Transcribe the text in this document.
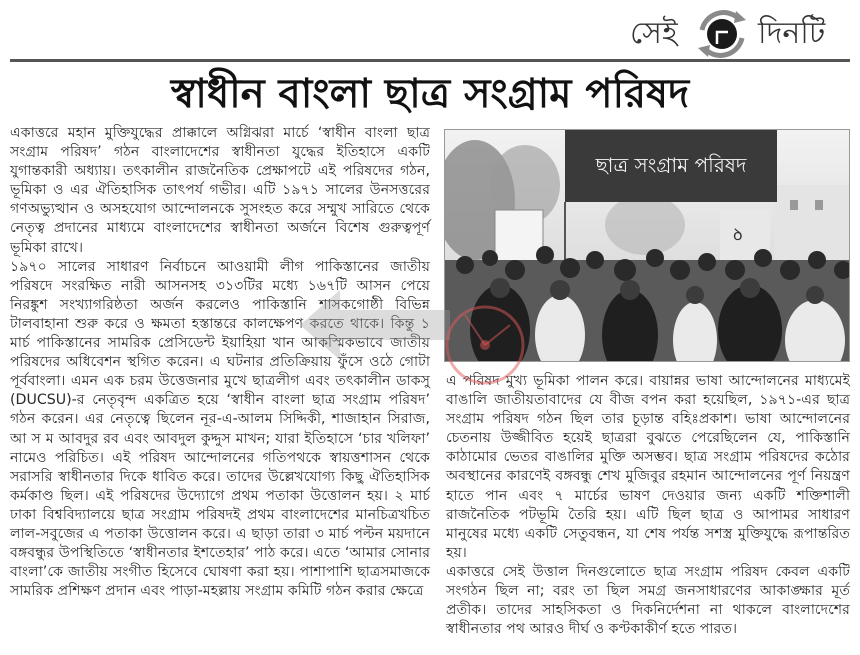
সেই	দিনটি
স্বাধীন বাংলা ছাত্র সংগ্রাম পরিষদ

একাত্তরে মহান মুক্তিযুদ্ধের প্রাক্কালে অগ্নিঝরা মার্চে ‘স্বাধীন বাংলা ছাত্র সংগ্রাম পরিষদ’ গঠন বাংলাদেশের স্বাধীনতা যুদ্ধের ইতিহাসে একটি যুগান্তকারী অধ্যায়। তৎকালীন রাজনৈতিক প্রেক্ষাপটে এই পরিষদের গঠন, ভূমিকা ও এর ঐতিহাসিক তাৎপর্য গভীর। এটি ১৯৭১ সালের উনসত্তরের গণঅভ্যুত্থান ও অসহযোগ আন্দোলনকে সুসংহত করে সম্মুখ সারিতে থেকে নেতৃত্ব প্রদানের মাধ্যমে বাংলাদেশের স্বাধীনতা অর্জনে বিশেষ গুরুত্বপূর্ণ ভূমিকা রাখে।

১৯৭০ সালের সাধারণ নির্বাচনে আওয়ামী লীগ পাকিস্তানের জাতীয় পরিষদে সংরক্ষিত নারী আসনসহ ৩১৩টির মধ্যে ১৬৭টি আসন পেয়ে নিরঙ্কুশ সংখ্যাগরিষ্ঠতা অর্জন করলেও পাকিস্তানি শাসকগোষ্ঠী বিভিন্ন টালবাহানা শুরু করে ও ক্ষমতা হস্তান্তরে কালক্ষেপণ করতে থাকে। কিন্তু ১ মার্চ পাকিস্তানের সামরিক প্রেসিডেন্ট ইয়াহিয়া খান আকস্মিকভাবে জাতীয় পরিষদের অধিবেশন স্থগিত করেন। এ ঘটনার প্রতিক্রিয়ায় ফুঁসে ওঠে গোটা পূর্ববাংলা। এমন এক চরম উত্তেজনার মুখে ছাত্রলীগ এবং তৎকালীন ডাকসু (DUCSU)-র নেতৃবৃন্দ একত্রিত হয়ে ‘স্বাধীন বাংলা ছাত্র সংগ্রাম পরিষদ’ গঠন করেন। এর নেতৃত্বে ছিলেন নূর-এ-আলম সিদ্দিকী, শাজাহান সিরাজ, আ স ম আবদুর রব এবং আবদুল কুদ্দুস মাখন; যারা ইতিহাসে ‘চার খলিফা’ নামেও পরিচিত। এই পরিষদ আন্দোলনের গতিপথকে স্বায়ত্তশাসন থেকে সরাসরি স্বাধীনতার দিকে ধাবিত করে। তাদের উল্লেখযোগ্য কিছু ঐতিহাসিক কর্মকাণ্ড ছিল। এই পরিষদের উদ্যোগে প্রথম পতাকা উত্তোলন হয়। ২ মার্চ ঢাকা বিশ্ববিদ্যালয়ে ছাত্র সংগ্রাম পরিষদই প্রথম বাংলাদেশের মানচিত্রখচিত লাল-সবুজের এ পতাকা উত্তোলন করে। এ ছাড়া তারা ৩ মার্চ পল্টন ময়দানে বঙ্গবন্ধুর উপস্থিতিতে ‘স্বাধীনতার ইশতেহার’ পাঠ করে। এতে ‘আমার সোনার বাংলা’কে জাতীয় সংগীত হিসেবে ঘোষণা করা হয়। পাশাপাশি ছাত্রসমাজকে সামরিক প্রশিক্ষণ প্রদান এবং পাড়া-মহল্লায় সংগ্রাম কমিটি গঠন করার ক্ষেত্রে

ছাত্র সংগ্রাম পরিষদ
ꝺ

এ পরিষদ মুখ্য ভূমিকা পালন করে। বায়ান্নর ভাষা আন্দোলনের মাধ্যমেই বাঙালি জাতীয়তাবাদের যে বীজ বপন করা হয়েছিল, ১৯৭১-এর ছাত্র সংগ্রাম পরিষদ গঠন ছিল তার চূড়ান্ত বহিঃপ্রকাশ। ভাষা আন্দোলনের চেতনায় উজ্জীবিত হয়েই ছাত্ররা বুঝতে পেরেছিলেন যে, পাকিস্তানি কাঠামোর ভেতর বাঙালির মুক্তি অসম্ভব। ছাত্র সংগ্রাম পরিষদের কঠোর অবস্থানের কারণেই বঙ্গবন্ধু শেখ মুজিবুর রহমান আন্দোলনের পূর্ণ নিয়ন্ত্রণ হাতে পান এবং ৭ মার্চের ভাষণ দেওয়ার জন্য একটি শক্তিশালী রাজনৈতিক পটভূমি তৈরি হয়। এটি ছিল ছাত্র ও আপামর সাধারণ মানুষের মধ্যে একটি সেতুবন্ধন, যা শেষ পর্যন্ত সশস্ত্র মুক্তিযুদ্ধে রূপান্তরিত হয়।

একাত্তরে সেই উত্তাল দিনগুলোতে ছাত্র সংগ্রাম পরিষদ কেবল একটি সংগঠন ছিল না; বরং তা ছিল সমগ্র জনসাধারণের আকাঙ্ক্ষার মূর্ত প্রতীক। তাদের সাহসিকতা ও দিকনির্দেশনা না থাকলে বাংলাদেশের স্বাধীনতার পথ আরও দীর্ঘ ও কণ্টকাকীর্ণ হতে পারত।
